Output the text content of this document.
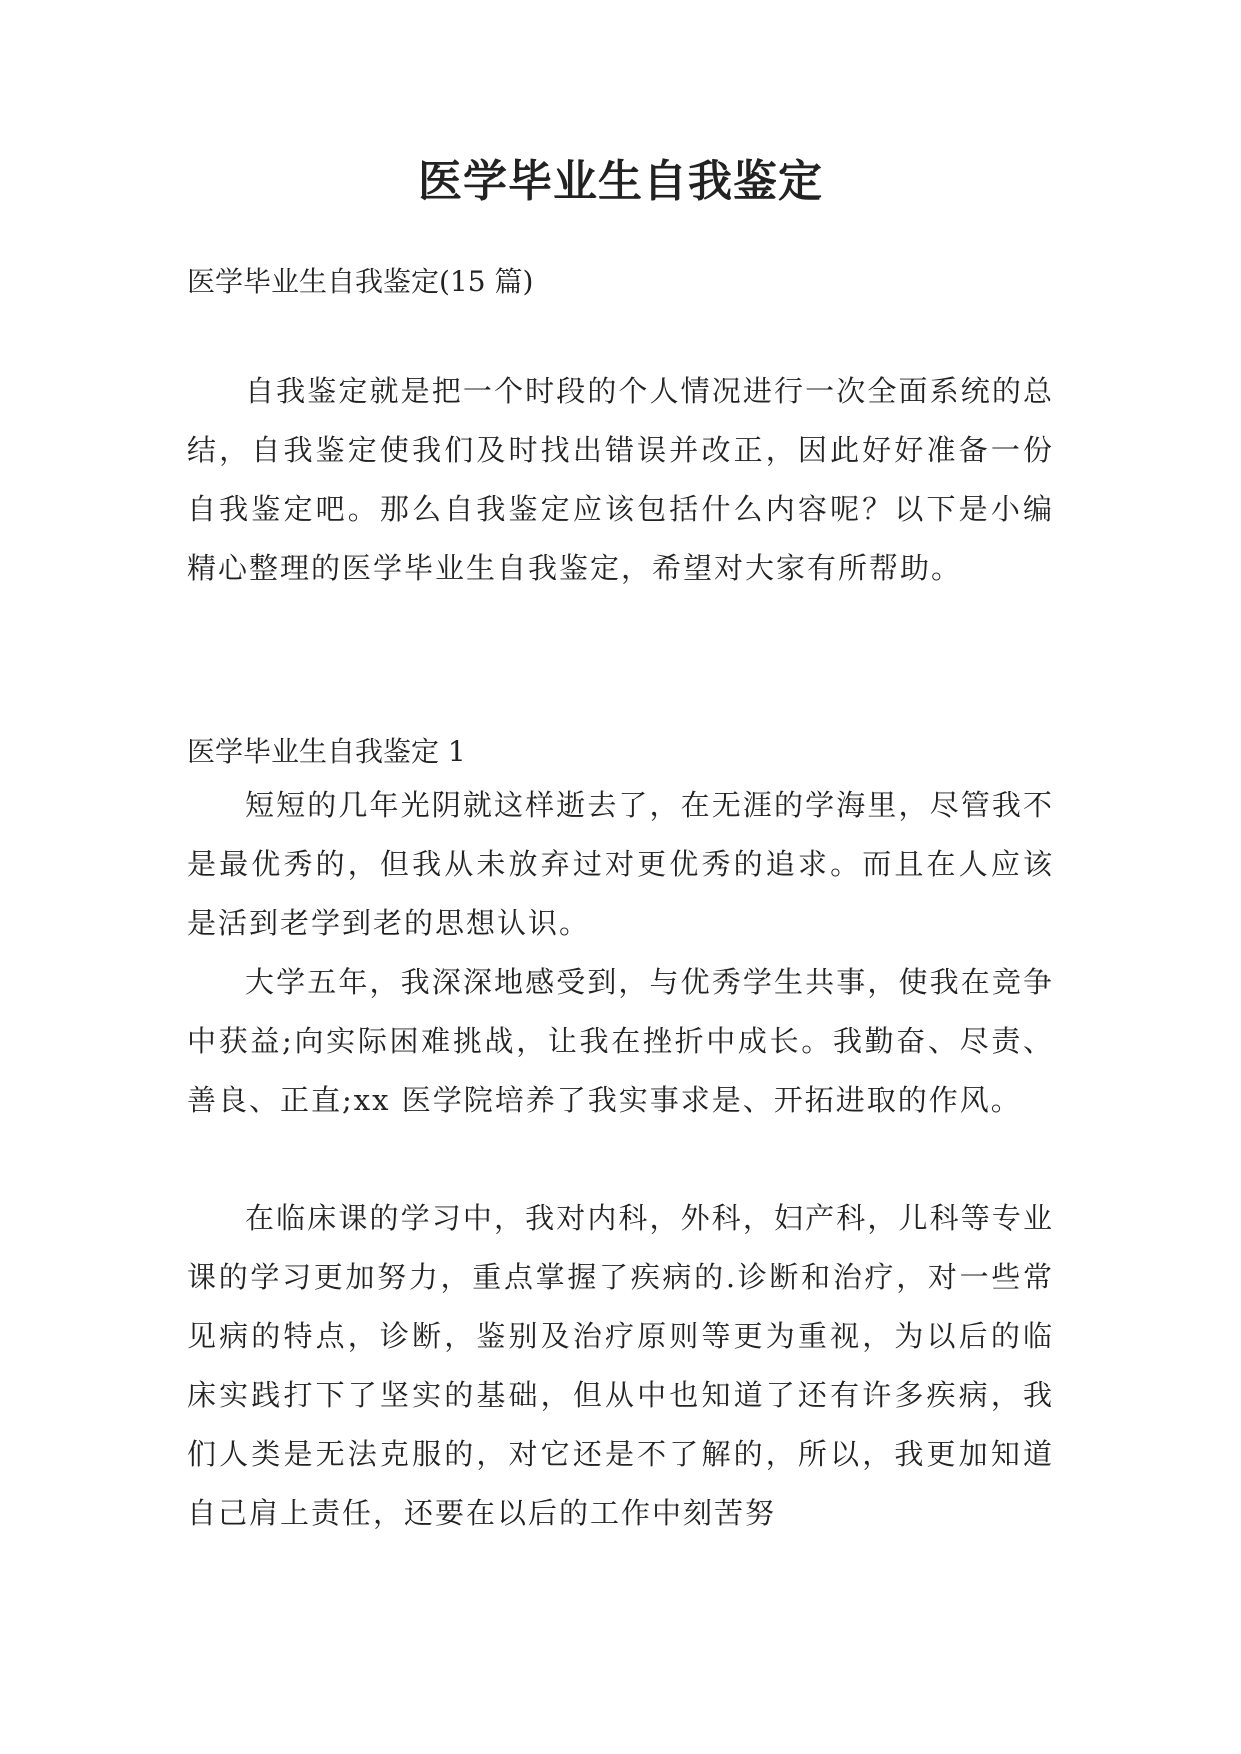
医学毕业生自我鉴定

医学毕业生自我鉴定(15 篇)

自我鉴定就是把一个时段的个人情况进行一次全面系统的总结，自我鉴定使我们及时找出错误并改正，因此好好准备一份自我鉴定吧。那么自我鉴定应该包括什么内容呢？以下是小编精心整理的医学毕业生自我鉴定，希望对大家有所帮助。

医学毕业生自我鉴定 1

短短的几年光阴就这样逝去了，在无涯的学海里，尽管我不是最优秀的，但我从未放弃过对更优秀的追求。而且在人应该是活到老学到老的思想认识。

大学五年，我深深地感受到，与优秀学生共事，使我在竞争中获益;向实际困难挑战，让我在挫折中成长。我勤奋、尽责、善良、正直;xx 医学院培养了我实事求是、开拓进取的作风。

在临床课的学习中，我对内科，外科，妇产科，儿科等专业课的学习更加努力，重点掌握了疾病的.诊断和治疗，对一些常见病的特点，诊断，鉴别及治疗原则等更为重视，为以后的临床实践打下了坚实的基础，但从中也知道了还有许多疾病，我们人类是无法克服的，对它还是不了解的，所以，我更加知道自己肩上责任，还要在以后的工作中刻苦努
